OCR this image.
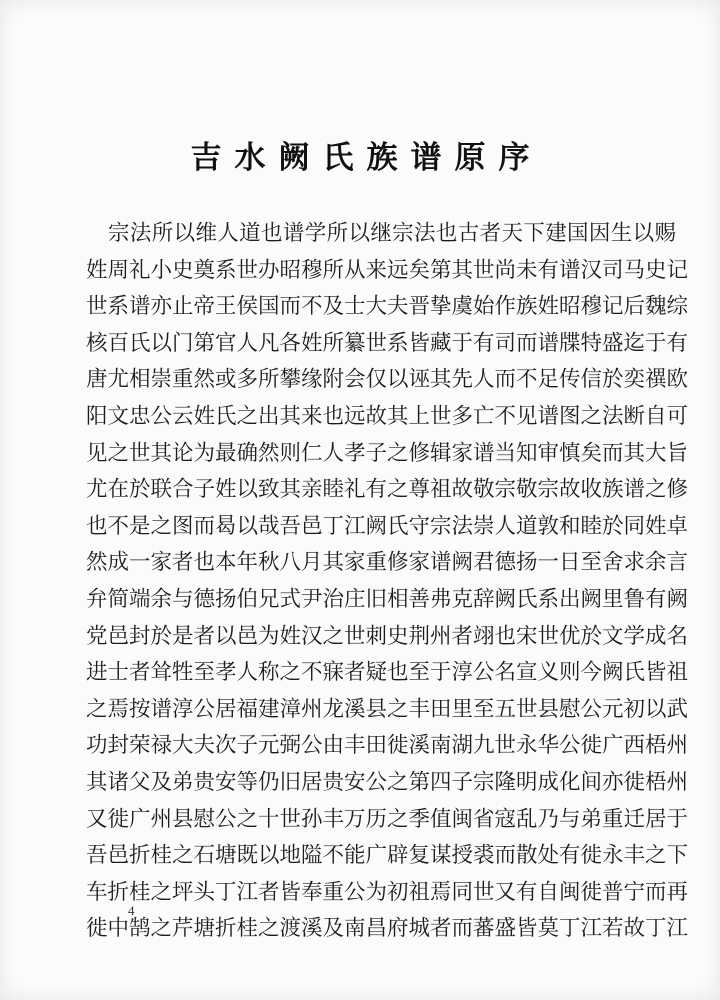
吉水阙氏族谱原序
宗法所以维人道也谱学所以继宗法也古者天下建国因生以赐
姓周礼小史奠系世办昭穆所从来远矣第其世尚未有谱汉司马史记
世系谱亦止帝王侯国而不及士大夫晋挚虞始作族姓昭穆记后魏综
核百氏以门第官人凡各姓所纂世系皆藏于有司而谱牒特盛迄于有
唐尤相崇重然或多所攀缘附会仅以诬其先人而不足传信於奕禩欧
阳文忠公云姓氏之出其来也远故其上世多亡不见谱图之法断自可
见之世其论为最确然则仁人孝子之修辑家谱当知审慎矣而其大旨
尤在於联合子姓以致其亲睦礼有之尊祖故敬宗敬宗故收族谱之修
也不是之图而曷以哉吾邑丁江阙氏守宗法崇人道敦和睦於同姓卓
然成一家者也本年秋八月其家重修家谱阙君德扬一日至舍求余言
弁简端余与德扬伯兄式尹治庄旧相善弗克辞阙氏系出阙里鲁有阙
党邑封於是者以邑为姓汉之世刺史荆州者翊也宋世优於文学成名
进士者耸牲至孝人称之不寐者疑也至于淳公名宣义则今阙氏皆祖
之焉按谱淳公居福建漳州龙溪县之丰田里至五世县慰公元初以武
功封荣禄大夫次子元弼公由丰田徙溪南湖九世永华公徙广西梧州
其诸父及弟贵安等仍旧居贵安公之第四子宗隆明成化间亦徙梧州
又徙广州县慰公之十世孙丰万历之季值闽省寇乱乃与弟重迁居于
吾邑折桂之石塘既以地隘不能广辟复谋授裘而散处有徙永丰之下
车折桂之坪头丁江者皆奉重公为初祖焉同世又有自闽徙普宁而再
徙中鹄之芹塘折桂之渡溪及南昌府城者而蕃盛皆莫丁江若故丁江
4
